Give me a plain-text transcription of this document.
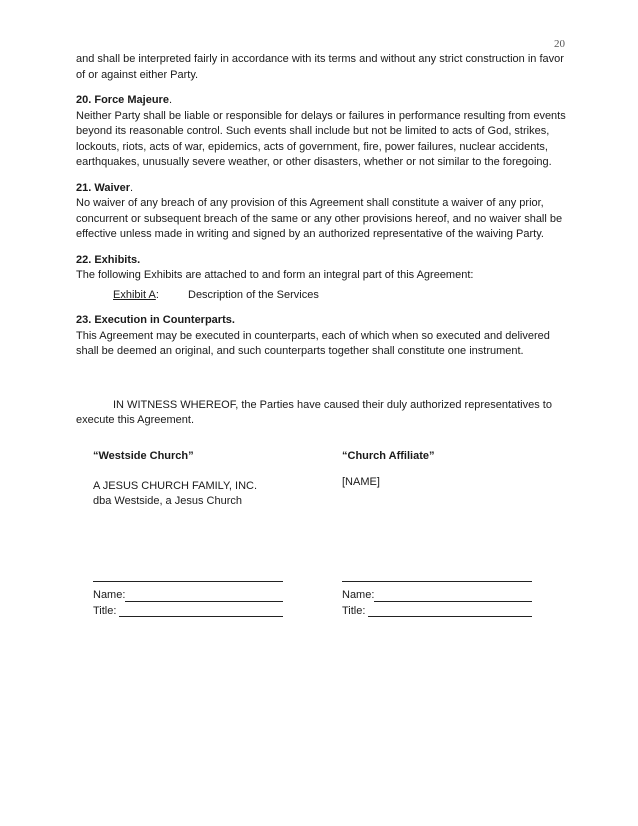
20

and shall be interpreted fairly in accordance with its terms and without any strict construction in favor of or against either Party.

20. Force Majeure.

Neither Party shall be liable or responsible for delays or failures in performance resulting from events beyond its reasonable control. Such events shall include but not be limited to acts of God, strikes, lockouts, riots, acts of war, epidemics, acts of government, fire, power failures, nuclear accidents, earthquakes, unusually severe weather, or other disasters, whether or not similar to the foregoing.

21. Waiver.

No waiver of any breach of any provision of this Agreement shall constitute a waiver of any prior, concurrent or subsequent breach of the same or any other provisions hereof, and no waiver shall be effective unless made in writing and signed by an authorized representative of the waiving Party.

22. Exhibits.

The following Exhibits are attached to and form an integral part of this Agreement:

Exhibit A:	Description of the Services

23. Execution in Counterparts.

This Agreement may be executed in counterparts, each of which when so executed and delivered shall be deemed an original, and such counterparts together shall constitute one instrument.

IN WITNESS WHEREOF, the Parties have caused their duly authorized representatives to execute this Agreement.

“Westside Church”
A JESUS CHURCH FAMILY, INC.
dba Westside, a Jesus Church
“Church Affiliate”
[NAME]
Name:
Title:
Name:
Title:
